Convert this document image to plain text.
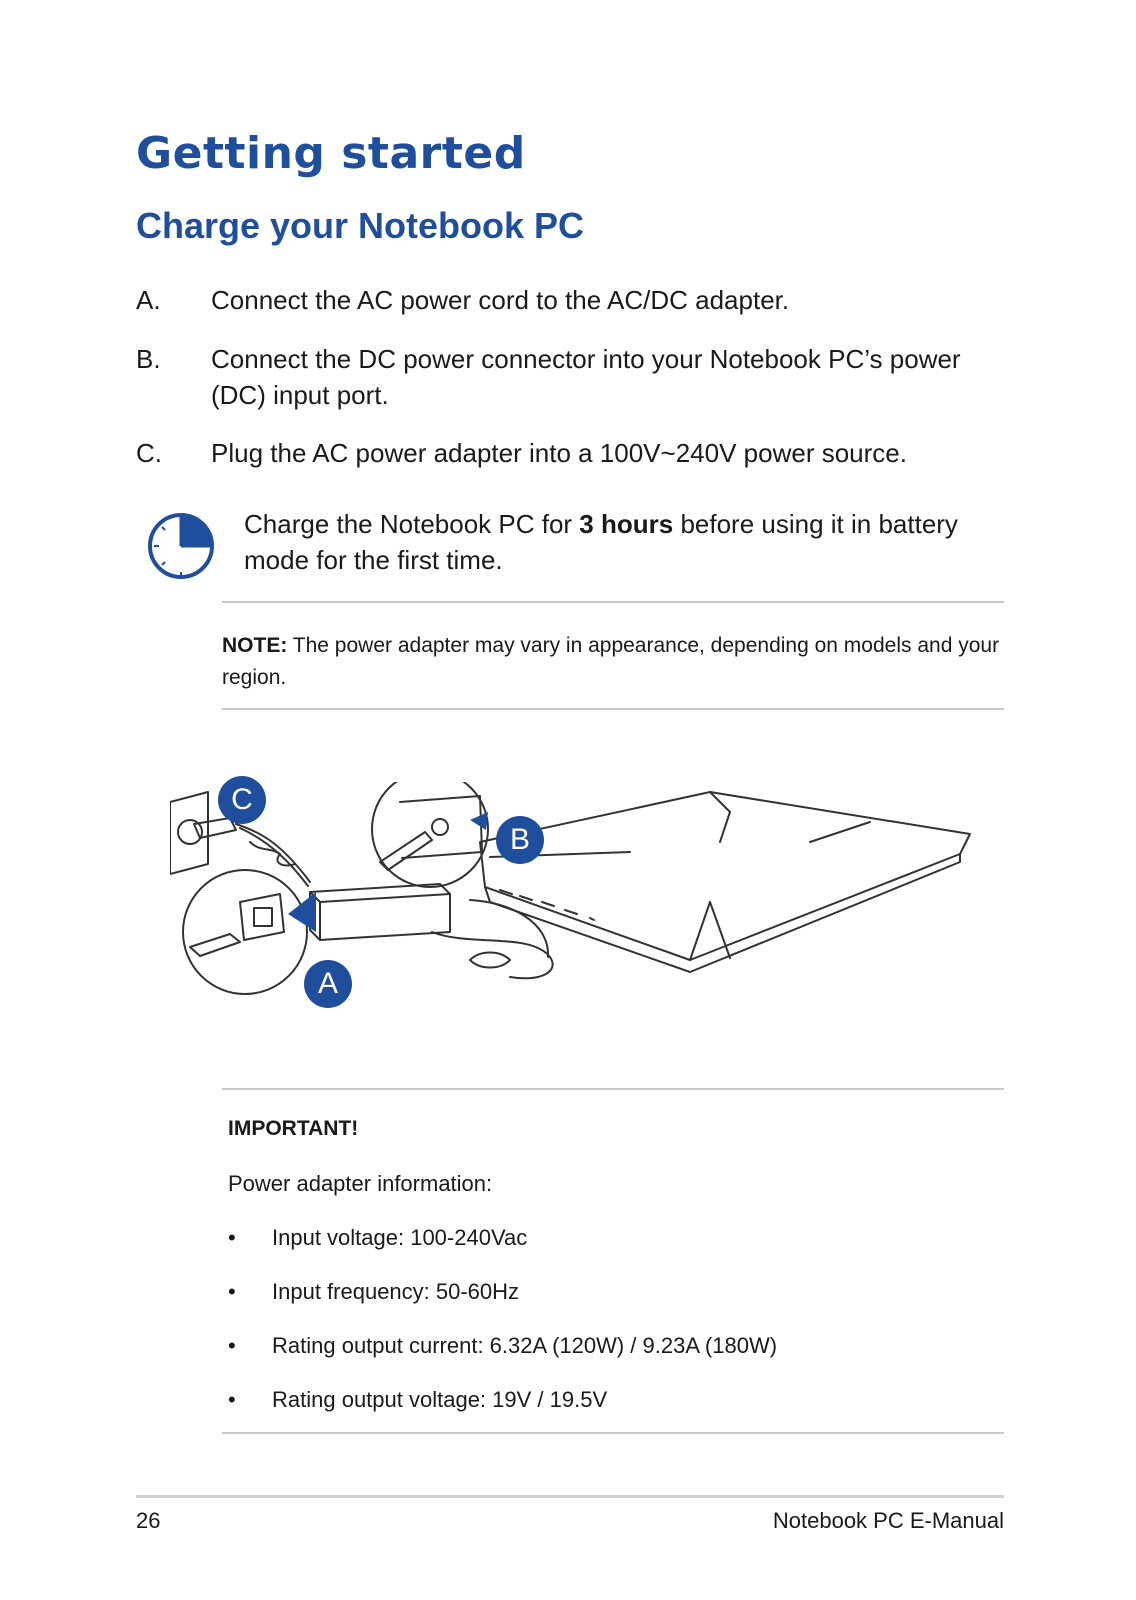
Getting started
Charge your Notebook PC
A. Connect the AC power cord to the AC/DC adapter.
B. Connect the DC power connector into your Notebook PC’s power (DC) input port.
C. Plug the AC power adapter into a 100V~240V power source.
Charge the Notebook PC for 3 hours before using it in battery mode for the first time.
NOTE: The power adapter may vary in appearance, depending on models and your region.
C
B
A
IMPORTANT!
Power adapter information:
• Input voltage: 100-240Vac
• Input frequency: 50-60Hz
• Rating output current: 6.32A (120W) / 9.23A (180W)
• Rating output voltage: 19V / 19.5V
26	Notebook PC E-Manual
